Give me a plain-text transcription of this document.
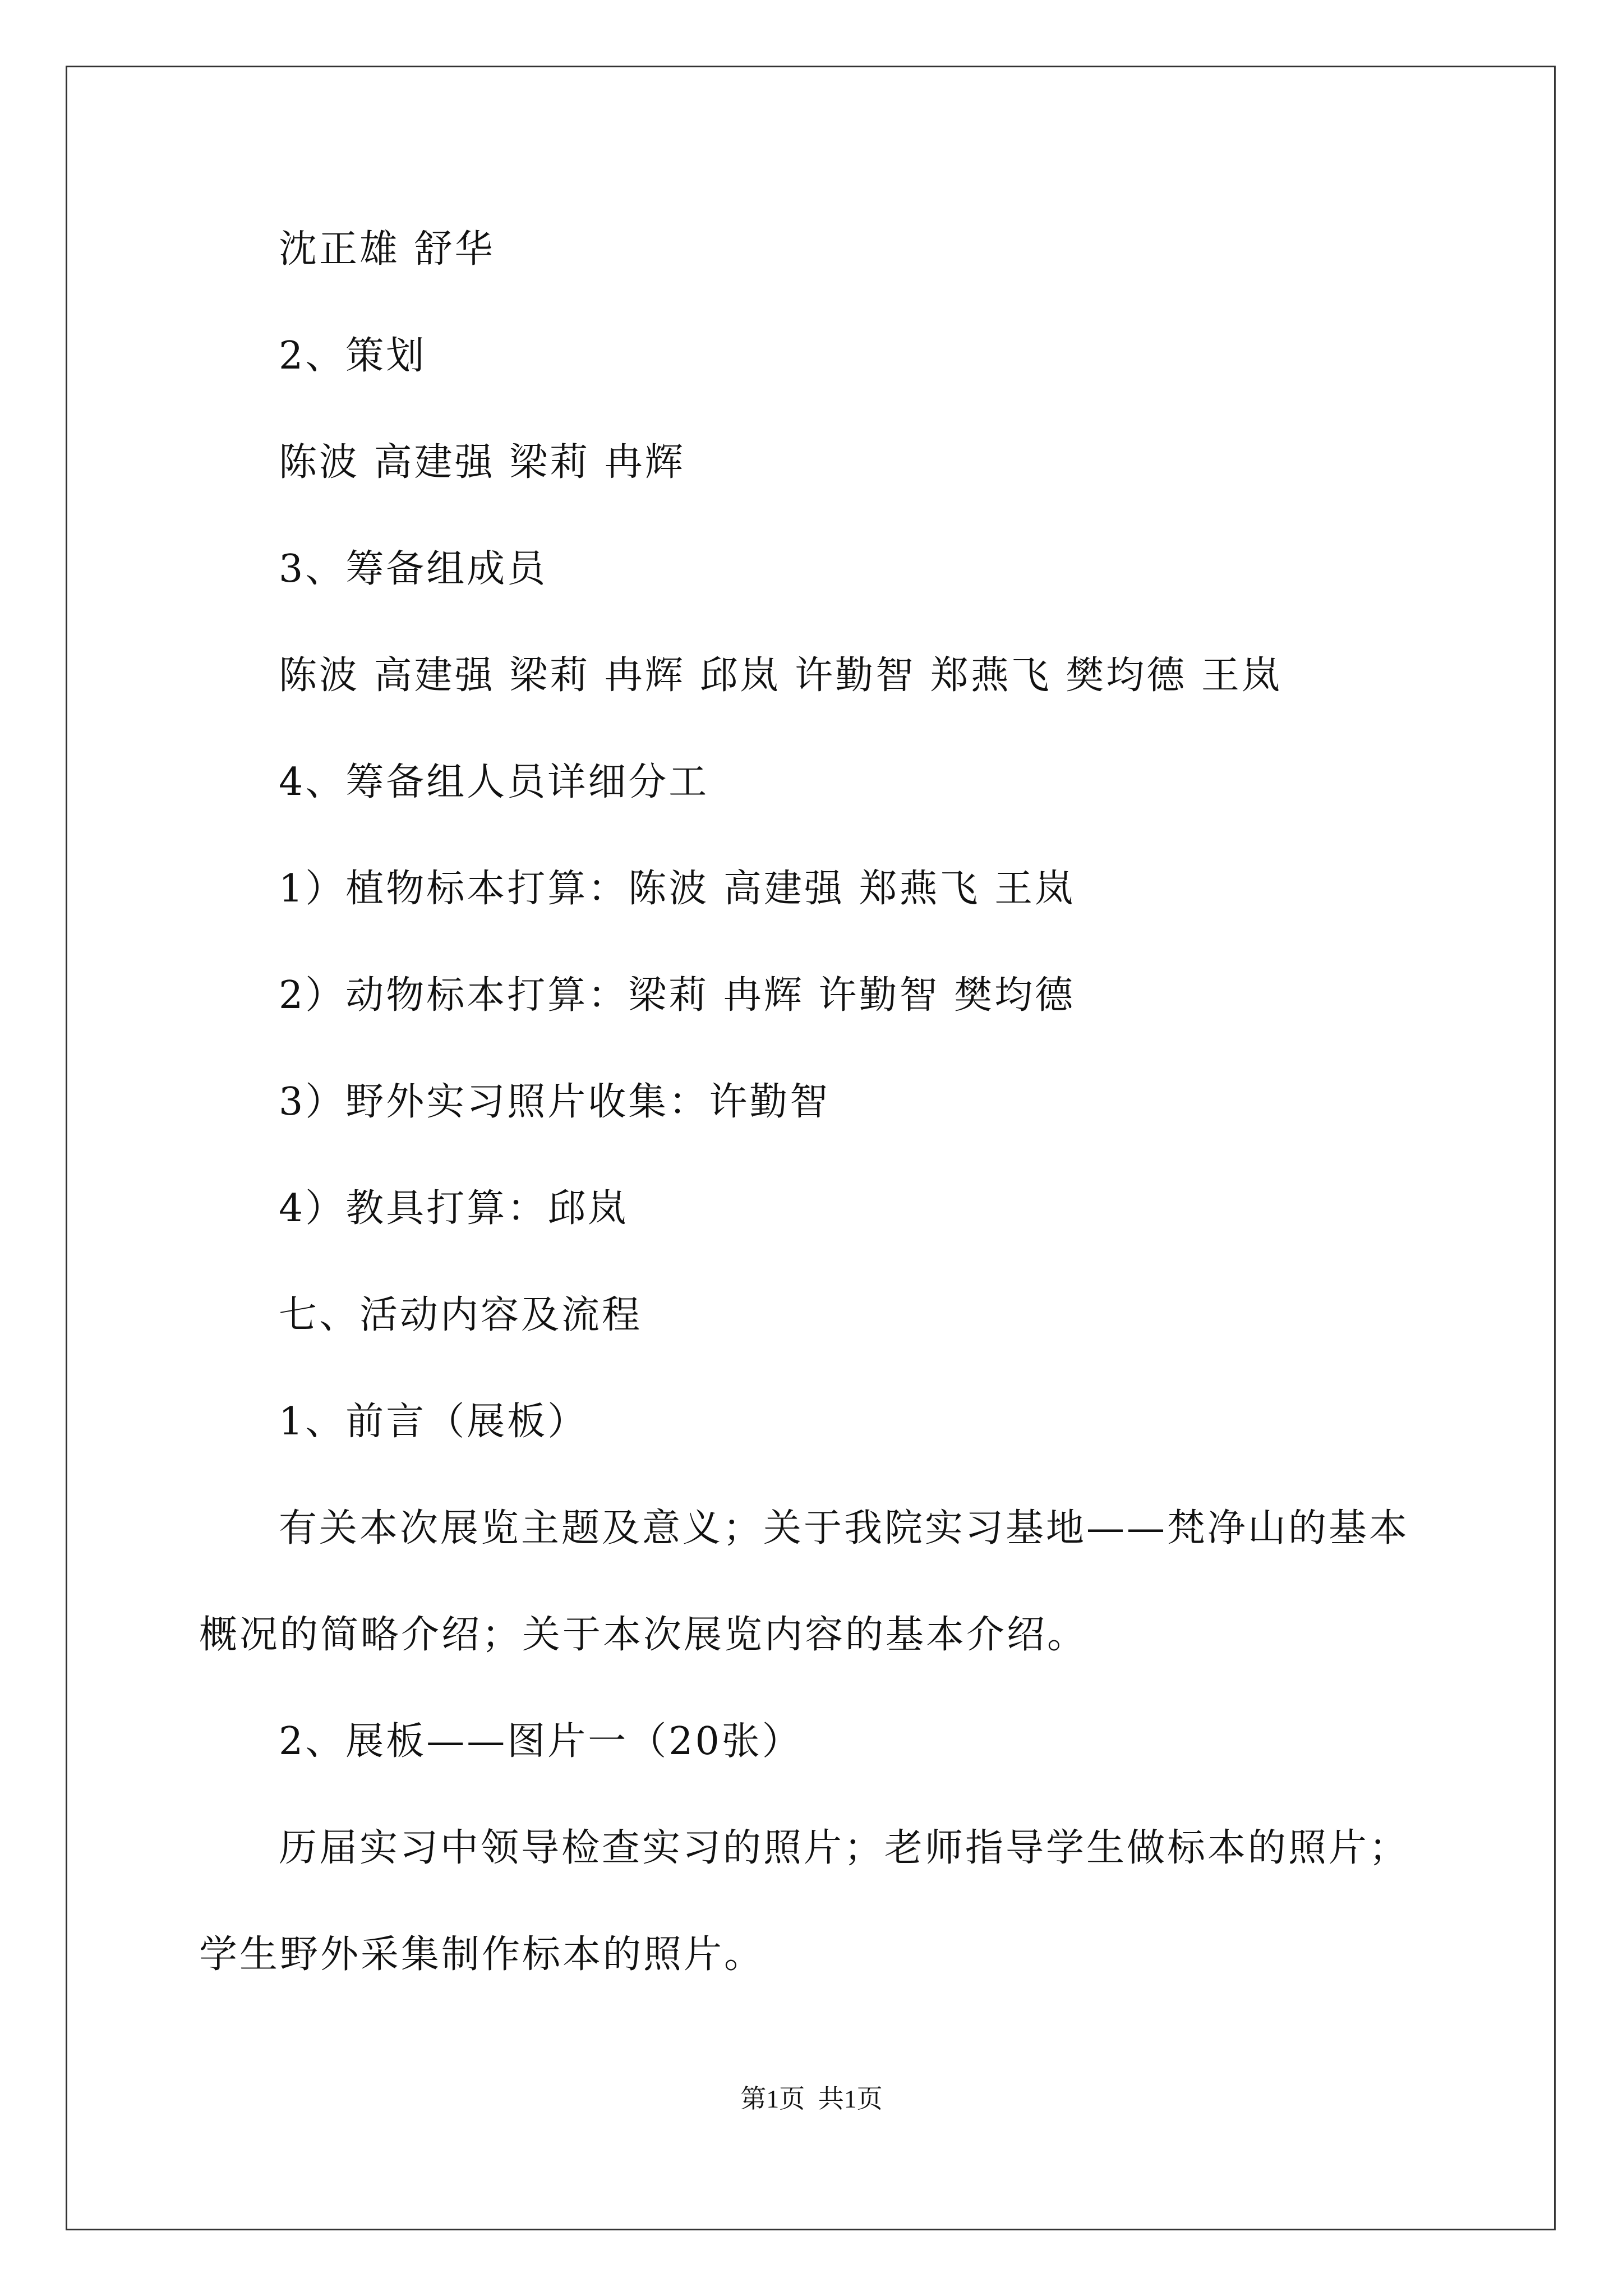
沈正雄 舒华
2、策划
陈波 高建强 梁莉 冉辉
3、筹备组成员
陈波 高建强 梁莉 冉辉 邱岚 许勤智 郑燕飞 樊均德 王岚
4、筹备组人员详细分工
1）植物标本打算：陈波 高建强 郑燕飞 王岚
2）动物标本打算：梁莉 冉辉 许勤智 樊均德
3）野外实习照片收集：许勤智
4）教具打算：邱岚
七、活动内容及流程
1、前言（展板）
有关本次展览主题及意义；关于我院实习基地——梵净山的基本
概况的简略介绍；关于本次展览内容的基本介绍。
2、展板——图片一（20张）
历届实习中领导检查实习的照片；老师指导学生做标本的照片；
学生野外采集制作标本的照片。
第1页 共1页
